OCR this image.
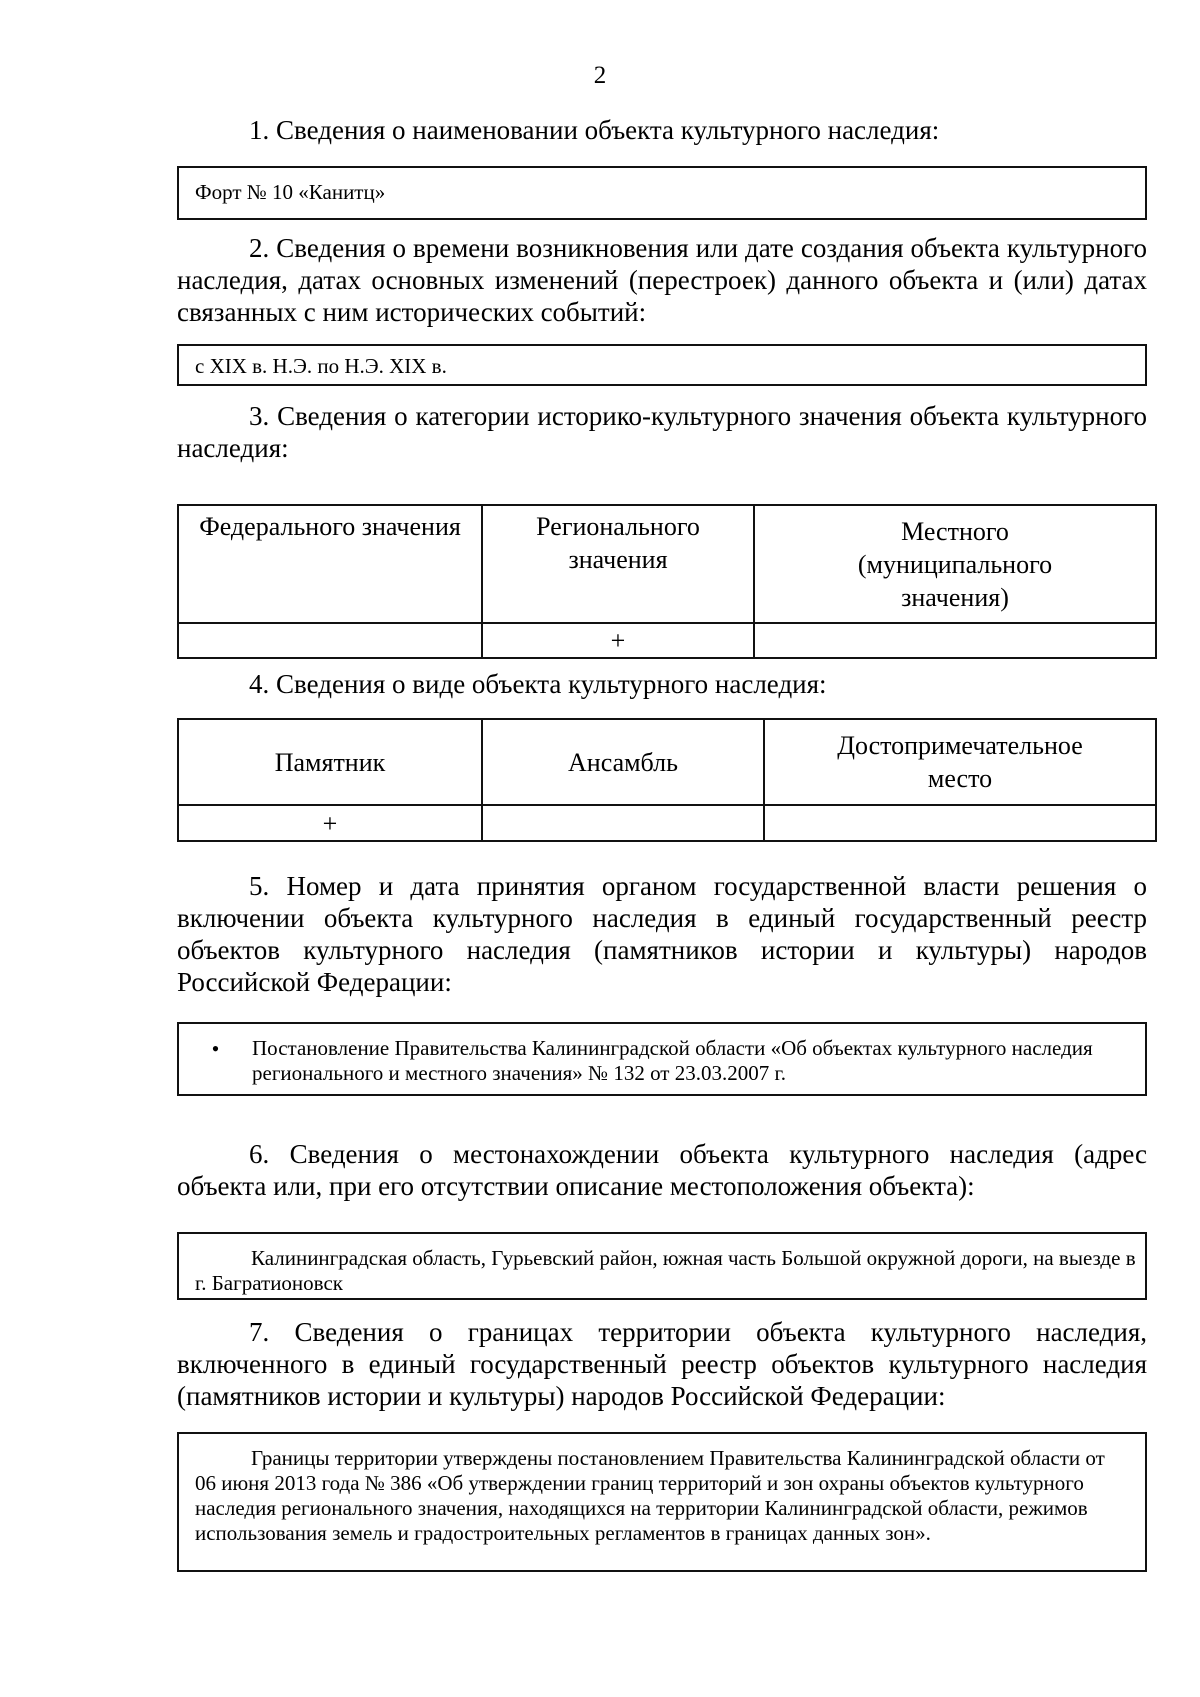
2
1. Сведения о наименовании объекта культурного наследия:
Форт № 10 «Канитц»
2. Сведения о времени возникновения или дате создания объекта культурного наследия, датах основных изменений (перестроек) данного объекта и (или) датах связанных с ним исторических событий:
с XIX в. Н.Э. по Н.Э. XIX в.
3. Сведения о категории историко-культурного значения объекта культурного наследия:
Федерального значения	Регионального значения	Местного (муниципального значения)
	+	
4. Сведения о виде объекта культурного наследия:
Памятник	Ансамбль	Достопримечательное место
+		
5. Номер и дата принятия органом государственной власти решения о включении объекта культурного наследия в единый государственный реестр объектов культурного наследия (памятников истории и культуры) народов Российской Федерации:
•	Постановление Правительства Калининградской области «Об объектах культурного наследия регионального и местного значения» № 132 от 23.03.2007 г.
6. Сведения о местонахождении объекта культурного наследия (адрес объекта или, при его отсутствии описание местоположения объекта):
Калининградская область, Гурьевский район, южная часть Большой окружной дороги, на выезде в г. Багратионовск
7. Сведения о границах территории объекта культурного наследия, включенного в единый государственный реестр объектов культурного наследия (памятников истории и культуры) народов Российской Федерации:
Границы территории утверждены постановлением Правительства Калининградской области от 06 июня 2013 года № 386 «Об утверждении границ территорий и зон охраны объектов культурного наследия регионального значения, находящихся на территории Калининградской области, режимов использования земель и градостроительных регламентов в границах данных зон».
